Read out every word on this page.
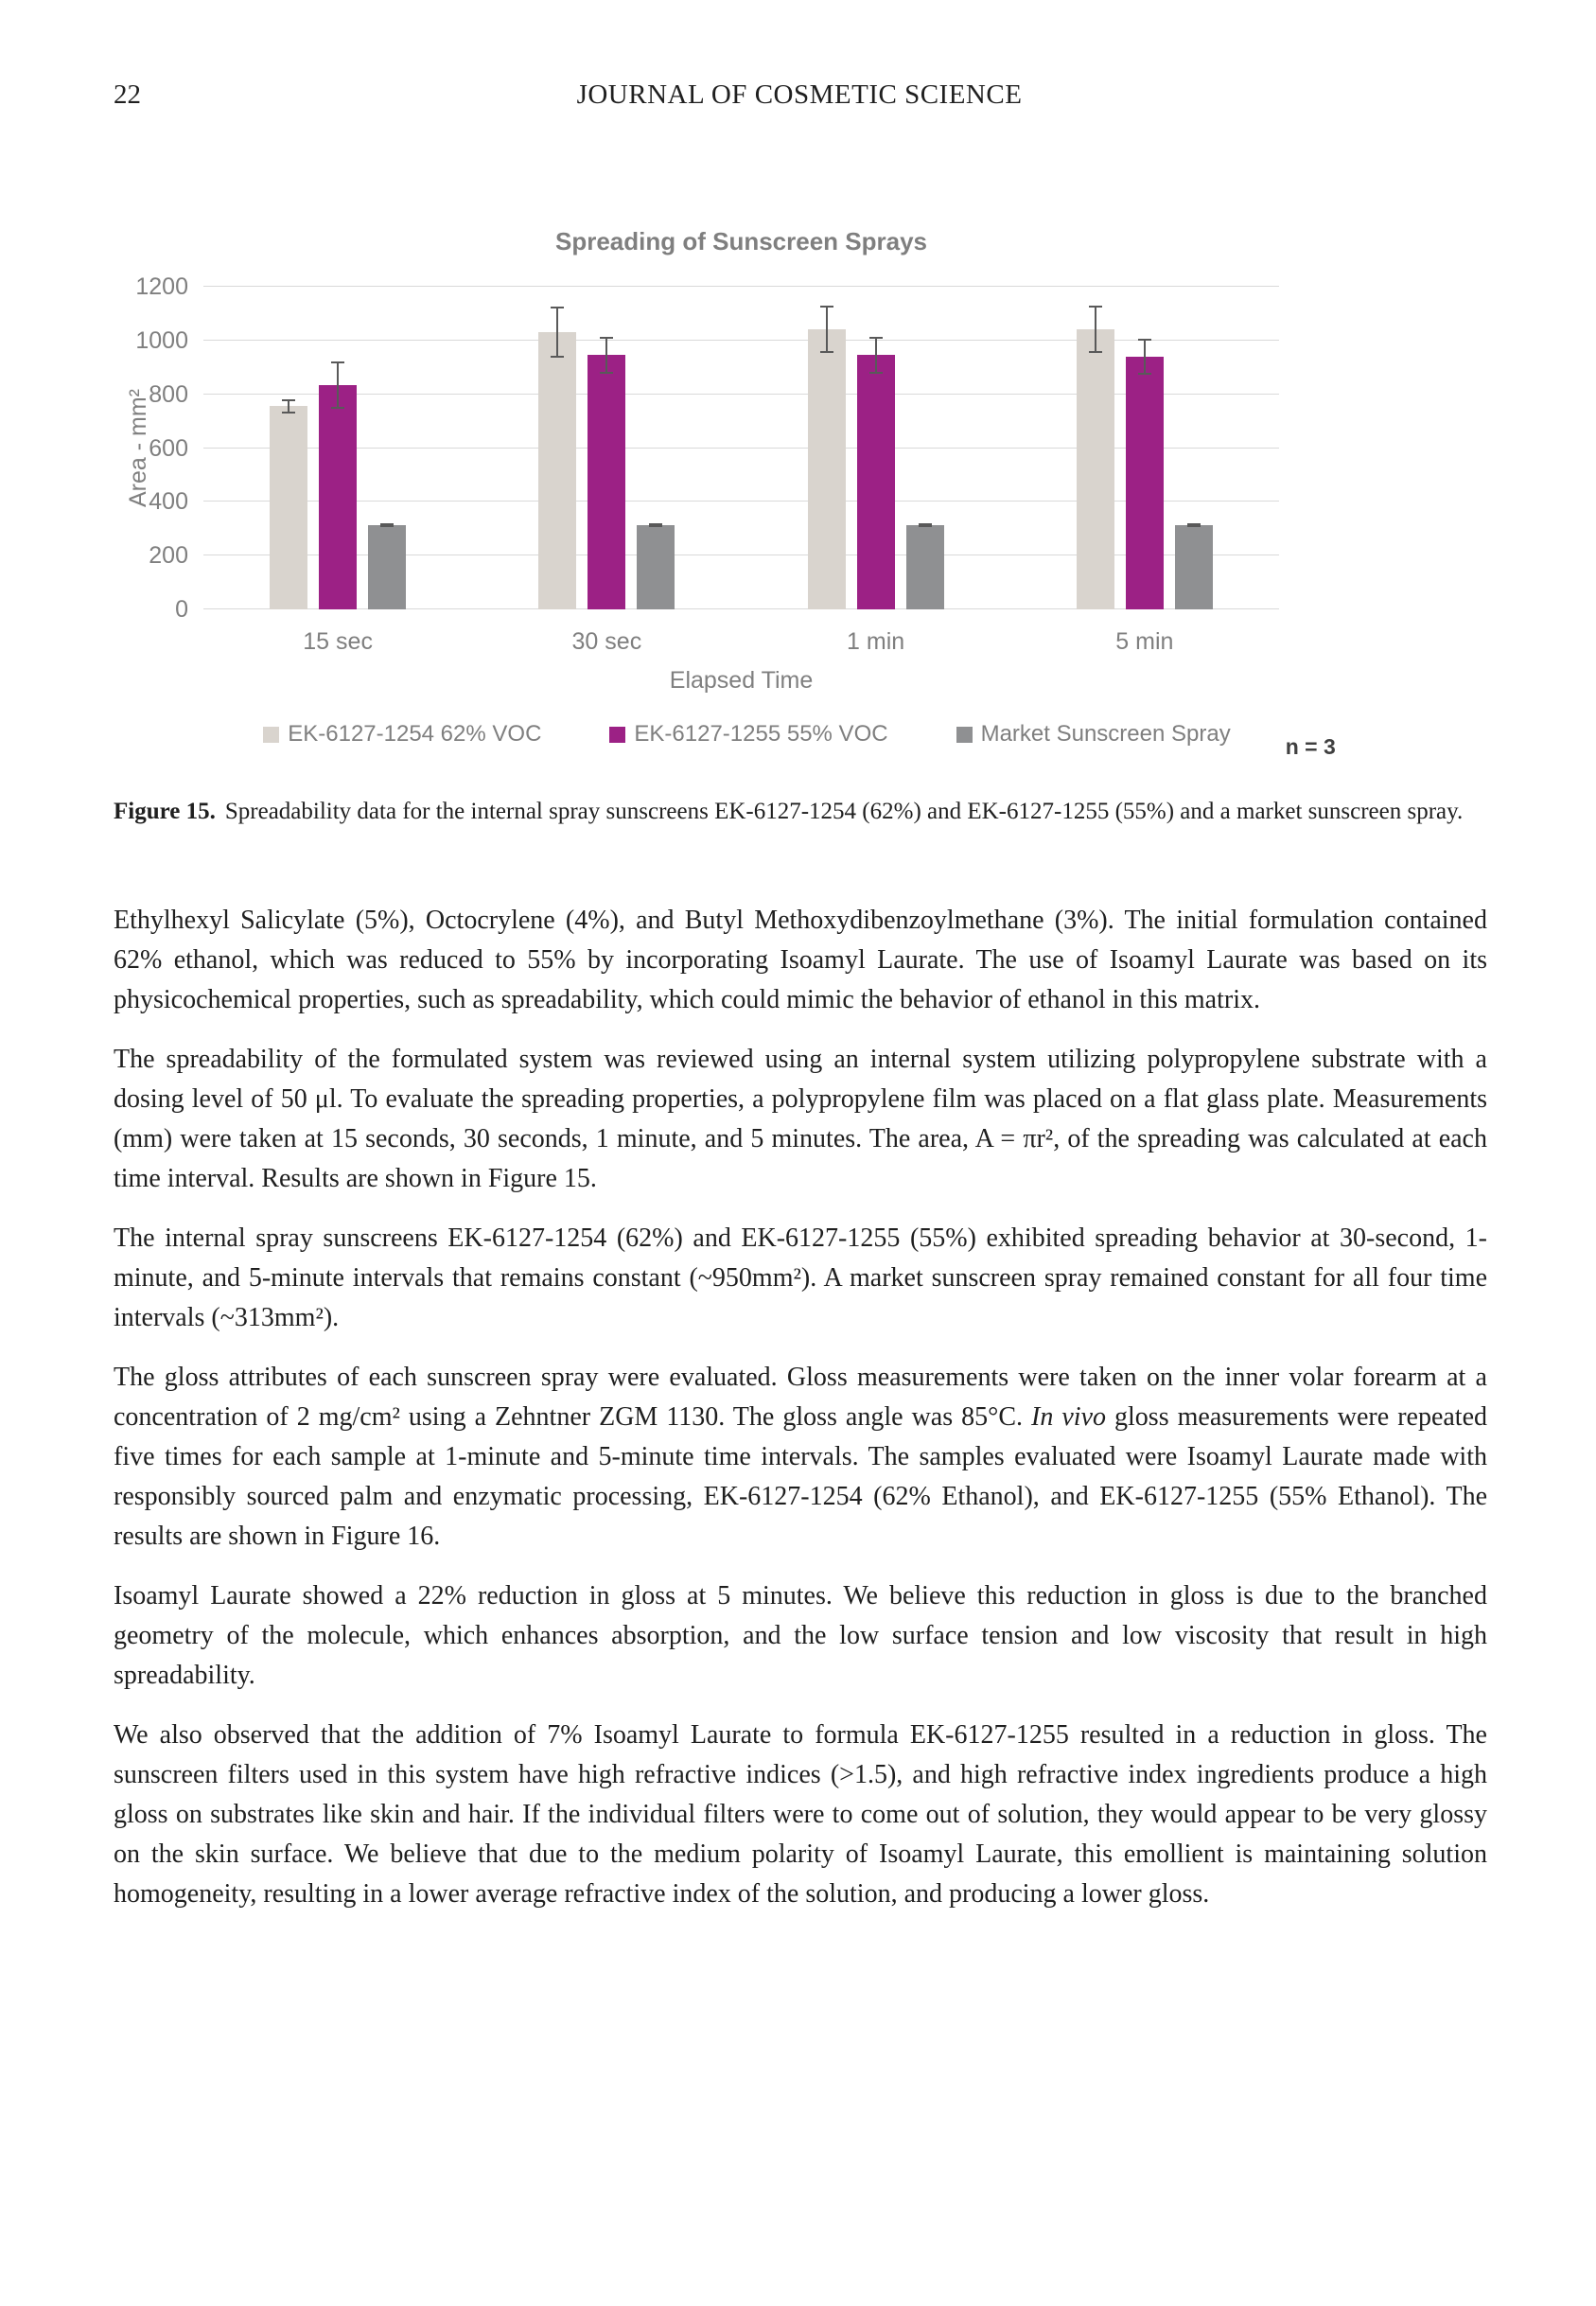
22	JOURNAL OF COSMETIC SCIENCE
Spreading of Sunscreen Sprays
Area - mm²
0
200
400
600
800
1000
1200
15 sec	30 sec	1 min	5 min
Elapsed Time
EK-6127-1254 62% VOC	EK-6127-1255 55% VOC	Market Sunscreen Spray	n = 3

Figure 15. Spreadability data for the internal spray sunscreens EK-6127-1254 (62%) and EK-6127-1255 (55%) and a market sunscreen spray.

Ethylhexyl Salicylate (5%), Octocrylene (4%), and Butyl Methoxydibenzoylmethane (3%). The initial formulation contained 62% ethanol, which was reduced to 55% by incorporating Isoamyl Laurate. The use of Isoamyl Laurate was based on its physicochemical properties, such as spreadability, which could mimic the behavior of ethanol in this matrix.

The spreadability of the formulated system was reviewed using an internal system utilizing polypropylene substrate with a dosing level of 50 μl. To evaluate the spreading properties, a polypropylene film was placed on a flat glass plate. Measurements (mm) were taken at 15 seconds, 30 seconds, 1 minute, and 5 minutes. The area, A = πr², of the spreading was calculated at each time interval. Results are shown in Figure 15.

The internal spray sunscreens EK-6127-1254 (62%) and EK-6127-1255 (55%) exhibited spreading behavior at 30-second, 1-minute, and 5-minute intervals that remains constant (~950mm²). A market sunscreen spray remained constant for all four time intervals (~313mm²).

The gloss attributes of each sunscreen spray were evaluated. Gloss measurements were taken on the inner volar forearm at a concentration of 2 mg/cm² using a Zehntner ZGM 1130. The gloss angle was 85°C. In vivo gloss measurements were repeated five times for each sample at 1-minute and 5-minute time intervals. The samples evaluated were Isoamyl Laurate made with responsibly sourced palm and enzymatic processing, EK-6127-1254 (62% Ethanol), and EK-6127-1255 (55% Ethanol). The results are shown in Figure 16.

Isoamyl Laurate showed a 22% reduction in gloss at 5 minutes. We believe this reduction in gloss is due to the branched geometry of the molecule, which enhances absorption, and the low surface tension and low viscosity that result in high spreadability.

We also observed that the addition of 7% Isoamyl Laurate to formula EK-6127-1255 resulted in a reduction in gloss. The sunscreen filters used in this system have high refractive indices (>1.5), and high refractive index ingredients produce a high gloss on substrates like skin and hair. If the individual filters were to come out of solution, they would appear to be very glossy on the skin surface. We believe that due to the medium polarity of Isoamyl Laurate, this emollient is maintaining solution homogeneity, resulting in a lower average refractive index of the solution, and producing a lower gloss.
